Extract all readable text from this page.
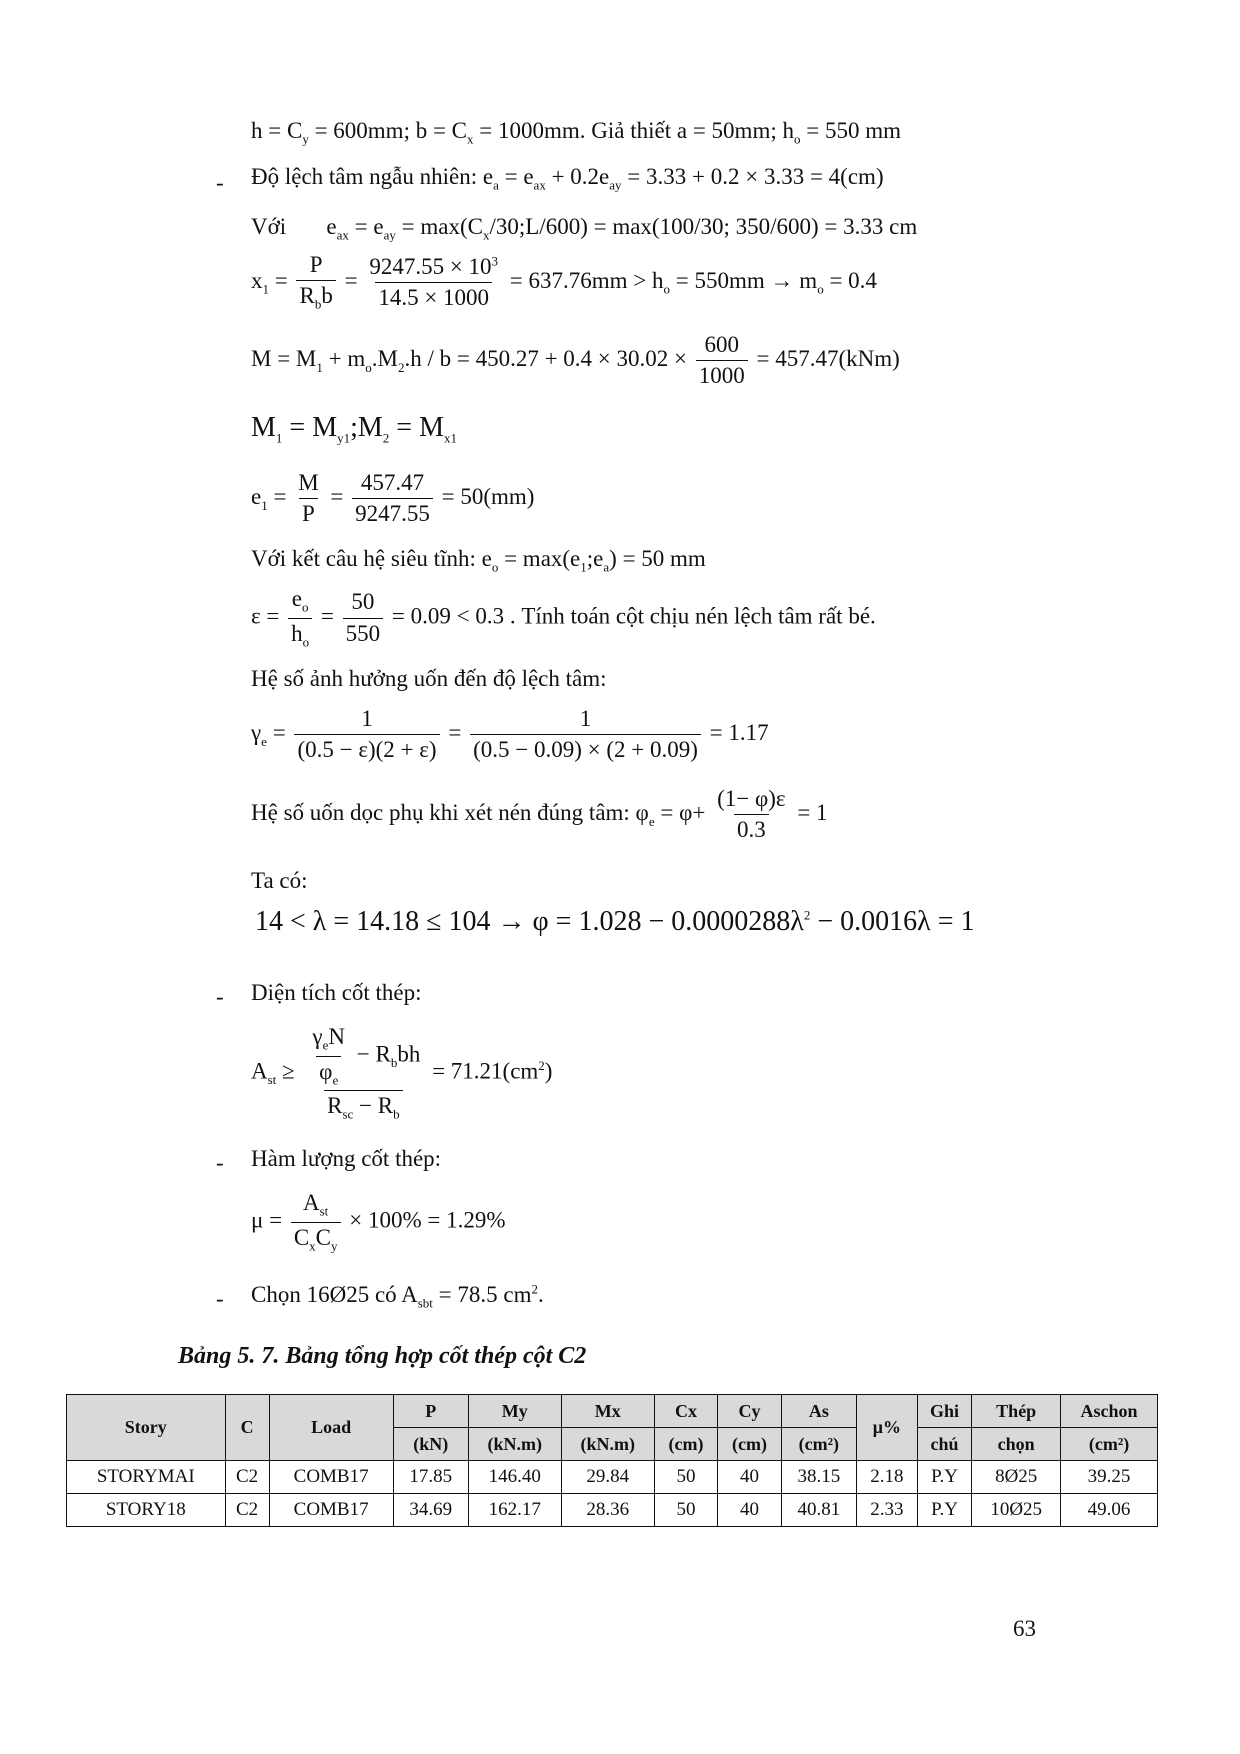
$h = C_y = 600mm$; $b = C_x = 1000mm$. Giả thiết a = 50mm; $h_o = 550$ mm
- Độ lệch tâm ngẫu nhiên: $e_a = e_{ax} + 0.2e_{ay} = 3.33 + 0.2 \times 3.33 = 4(cm)$
Với $e_{ax} = e_{ay}$ = $\max(C_x/30;L/600) = \max(100/30$; 350/600) = 3.33 cm
$x_1 = \frac{P}{R_bb} = \frac{9247.55 \times 10^3}{14.5 \times 1000} = 637.76mm > h_o = 550mm \to m_o = 0.4$
$M = M_1 + m_o.M_2.h / b = 450.27 + 0.4 \times 30.02 \times \frac{600}{1000} = 457.47(kNm)$
$M_1$ = $M_{y1};M_2 = M_{x1}$
$e_1 = \frac{M}{P} = \frac{457.47}{9247.55} = 50(mm)$
Với kết câu hệ siêu tĩnh: $e_o$ = $\max(e_1;e_a) = 50$ mm
$\varepsilon = \frac{e_o}{h_o} = \frac{50}{550} = 0.09 < 0.3$ . Tính toán cột chịu nén lệch tâm rất bé.
Hệ số ảnh hưởng uốn đến độ lệch tâm:
$\gamma_e = \frac{1}{(0.5 - \varepsilon)(2 + \varepsilon)} = \frac{1}{(0.5 - 0.09) \times (2 + 0.09)} = 1.17$
Hệ số uốn dọc phụ khi xét nén đúng tâm: $\varphi_e = \varphi+ \frac{(1- \varphi)\varepsilon}{0.3} = 1$
Ta có:
$14 < \lambda = 14.18 \le 104 \to \varphi = 1.028 - 0.0000288\lambda^2 - 0.0016\lambda = 1$
- Diện tích cốt thép:
$A_{st} \ge \frac{\frac{\gamma_eN}{\varphi_e} - R_bbh}{R_{sc} - R_b} = 71.21(cm^2)$
- Hàm lượng cốt thép:
$\mu = \frac{A_{st}}{C_xC_y} \times 100\% = 1.29\%$
- Chọn 16Ø25 có $A_{sbt} = 78.5$ $cm^2$.
Bảng 5. 7. Bảng tổng hợp cốt thép cột C2
Story	C	Load	P	My	Mx	Cx	Cy	As	μ%	Ghi	Thép	Aschon
			(kN)	(kN.m)	(kN.m)	(cm)	(cm)	(cm²)		chú	chọn	(cm²)
STORYMAI	C2	COMB17	17.85	146.40	29.84	50	40	38.15	2.18	P.Y	8Ø25	39.25
STORY18	C2	COMB17	34.69	162.17	28.36	50	40	40.81	2.33	P.Y	10Ø25	49.06
63
